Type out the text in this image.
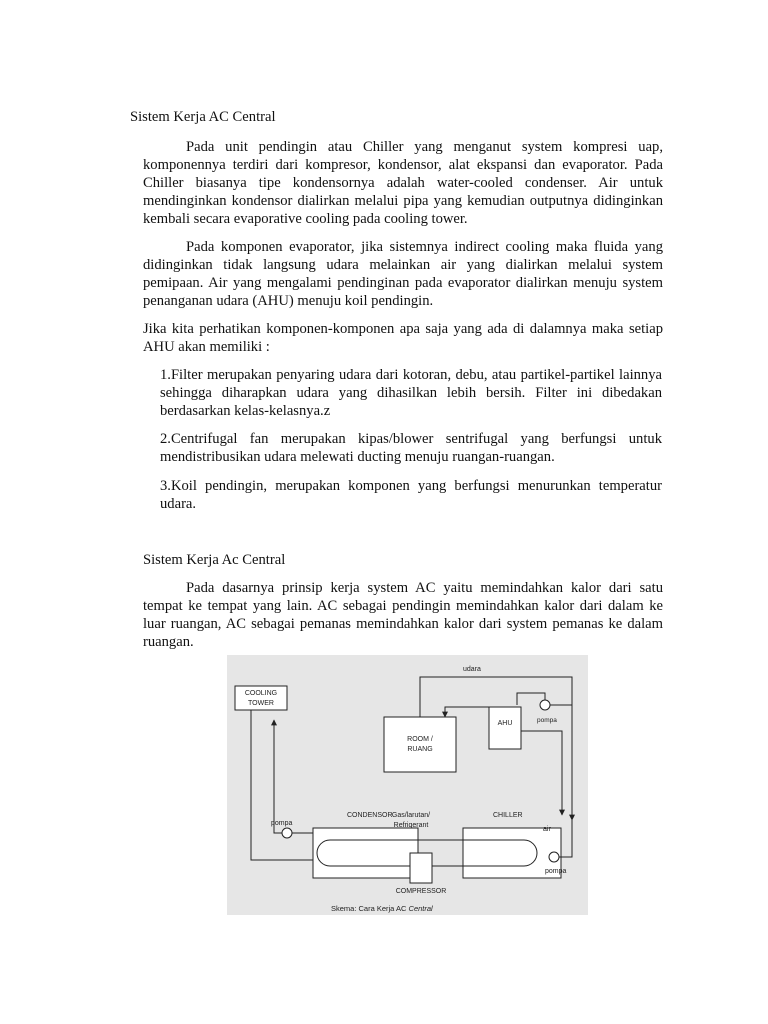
Sistem Kerja AC Central
Pada unit pendingin atau Chiller yang menganut system kompresi uap, komponennya terdiri dari kompresor, kondensor, alat ekspansi dan evaporator. Pada Chiller biasanya tipe kondensornya adalah water-cooled condenser. Air untuk mendinginkan kondensor dialirkan melalui pipa yang kemudian outputnya didinginkan kembali secara evaporative cooling pada cooling tower.
Pada komponen evaporator, jika sistemnya indirect cooling maka fluida yang didinginkan tidak langsung udara melainkan air yang dialirkan melalui system pemipaan. Air yang mengalami pendinginan pada evaporator dialirkan menuju system penanganan udara (AHU) menuju koil pendingin.
Jika kita perhatikan komponen-komponen apa saja yang ada di dalamnya maka setiap AHU akan memiliki :
1.Filter merupakan penyaring udara dari kotoran, debu, atau partikel-partikel lainnya sehingga diharapkan udara yang dihasilkan lebih bersih. Filter ini dibedakan berdasarkan kelas-kelasnya.z
2.Centrifugal fan merupakan kipas/blower sentrifugal yang berfungsi untuk mendistribusikan udara melewati ducting menuju ruangan-ruangan.
3.Koil pendingin, merupakan komponen yang berfungsi menurunkan temperatur udara.
Sistem Kerja Ac Central
Pada dasarnya prinsip kerja system AC yaitu memindahkan kalor dari satu tempat ke tempat yang lain. AC sebagai pendingin memindahkan kalor dari dalam ke luar ruangan, AC sebagai pemanas memindahkan kalor dari system pemanas ke dalam ruangan.
COOLING
TOWER
ROOM /
RUANG
AHU	pompa
udara
CONDENSOR	CHILLER
Gas/larutan/
Refrigerant
COMPRESSOR
pompa
pompa
air
Skema: Cara Kerja AC Central
